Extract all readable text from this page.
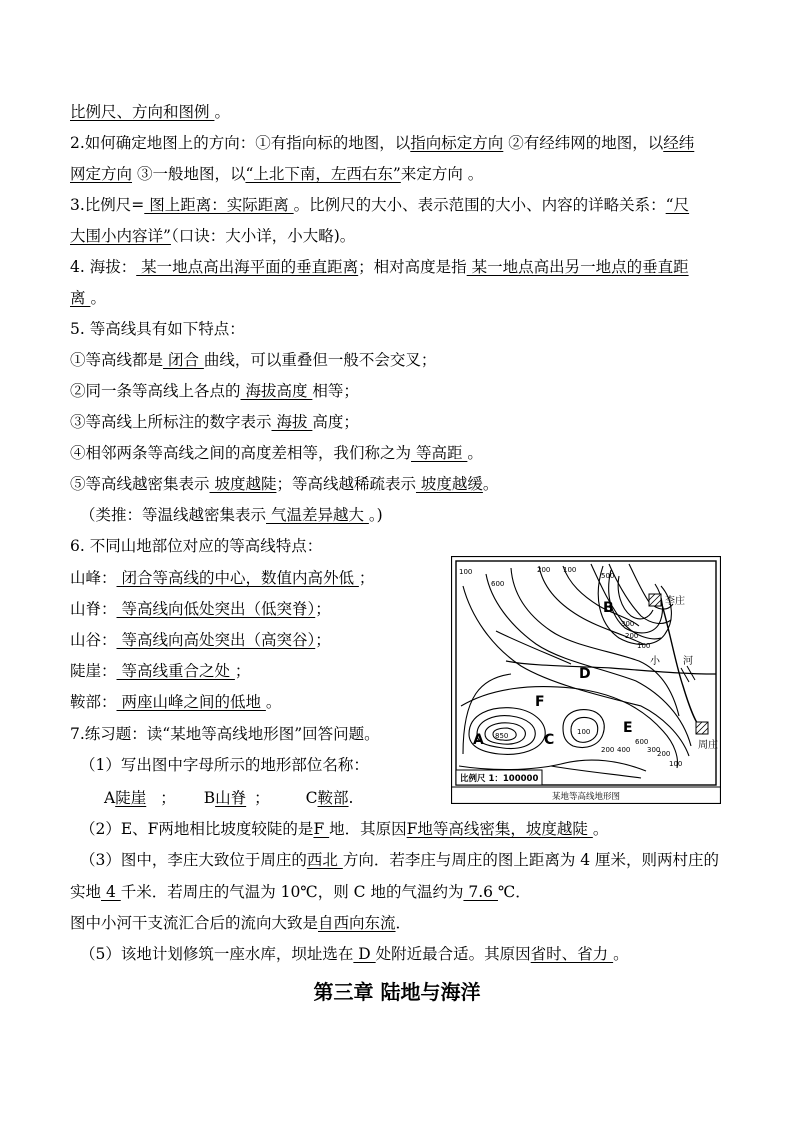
比例尺、方向和图例 。
2.如何确定地图上的方向：①有指向标的地图，以指向标定方向 ②有经纬网的地图，以经纬
网定方向 ③一般地图，以“上北下南，左西右东”来定方向 。
3.比例尺= 图上距离：实际距离 。比例尺的大小、表示范围的大小、内容的详略关系：“尺
大围小内容详”（口诀：大小详，小大略)。
4. 海拔： 某一地点高出海平面的垂直距离；相对高度是指 某一地点高出另一地点的垂直距
离 。
5. 等高线具有如下特点：
①等高线都是 闭合 曲线，可以重叠但一般不会交叉；
②同一条等高线上各点的 海拔高度 相等；
③等高线上所标注的数字表示 海拔 高度；
④相邻两条等高线之间的高度差相等，我们称之为 等高距 。
⑤等高线越密集表示 坡度越陡；等高线越稀疏表示 坡度越缓。
（类推：等温线越密集表示 气温差异越大 。)
6. 不同山地部位对应的等高线特点：
山峰： 闭合等高线的中心，数值内高外低 ；
山脊： 等高线向低处突出（低突脊）；
山谷： 等高线向高处突出（高突谷）；
陡崖： 等高线重合之处 ；
鞍部： 两座山峰之间的低地 。
7.练习题：读“某地等高线地形图”回答问题。
（1）写出图中字母所示的地形部位名称：
A陡崖 ； B山脊 ； C鞍部.
（2）E、F两地相比坡度较陡的是F 地．其原因F地等高线密集，坡度越陡 。
（3）图中，李庄大致位于周庄的西北 方向．若李庄与周庄的图上距离为 4 厘米，则两村庄的
实地 4 千米．若周庄的气温为 10℃，则 C 地的气温约为 7.6 ℃．
图中小河干支流汇合后的流向大致是自西向东流．
（5）该地计划修筑一座水库，坝址选在 D 处附近最合适。其原因省时、省力 。
第三章 陆地与海洋
A
B
C
D
E
F
李庄
周庄
小 河
100
600
200 100
500
300
200
100
850	100
200 400
600
300
200
100
比例尺 1：100000
某地等高线地形图
